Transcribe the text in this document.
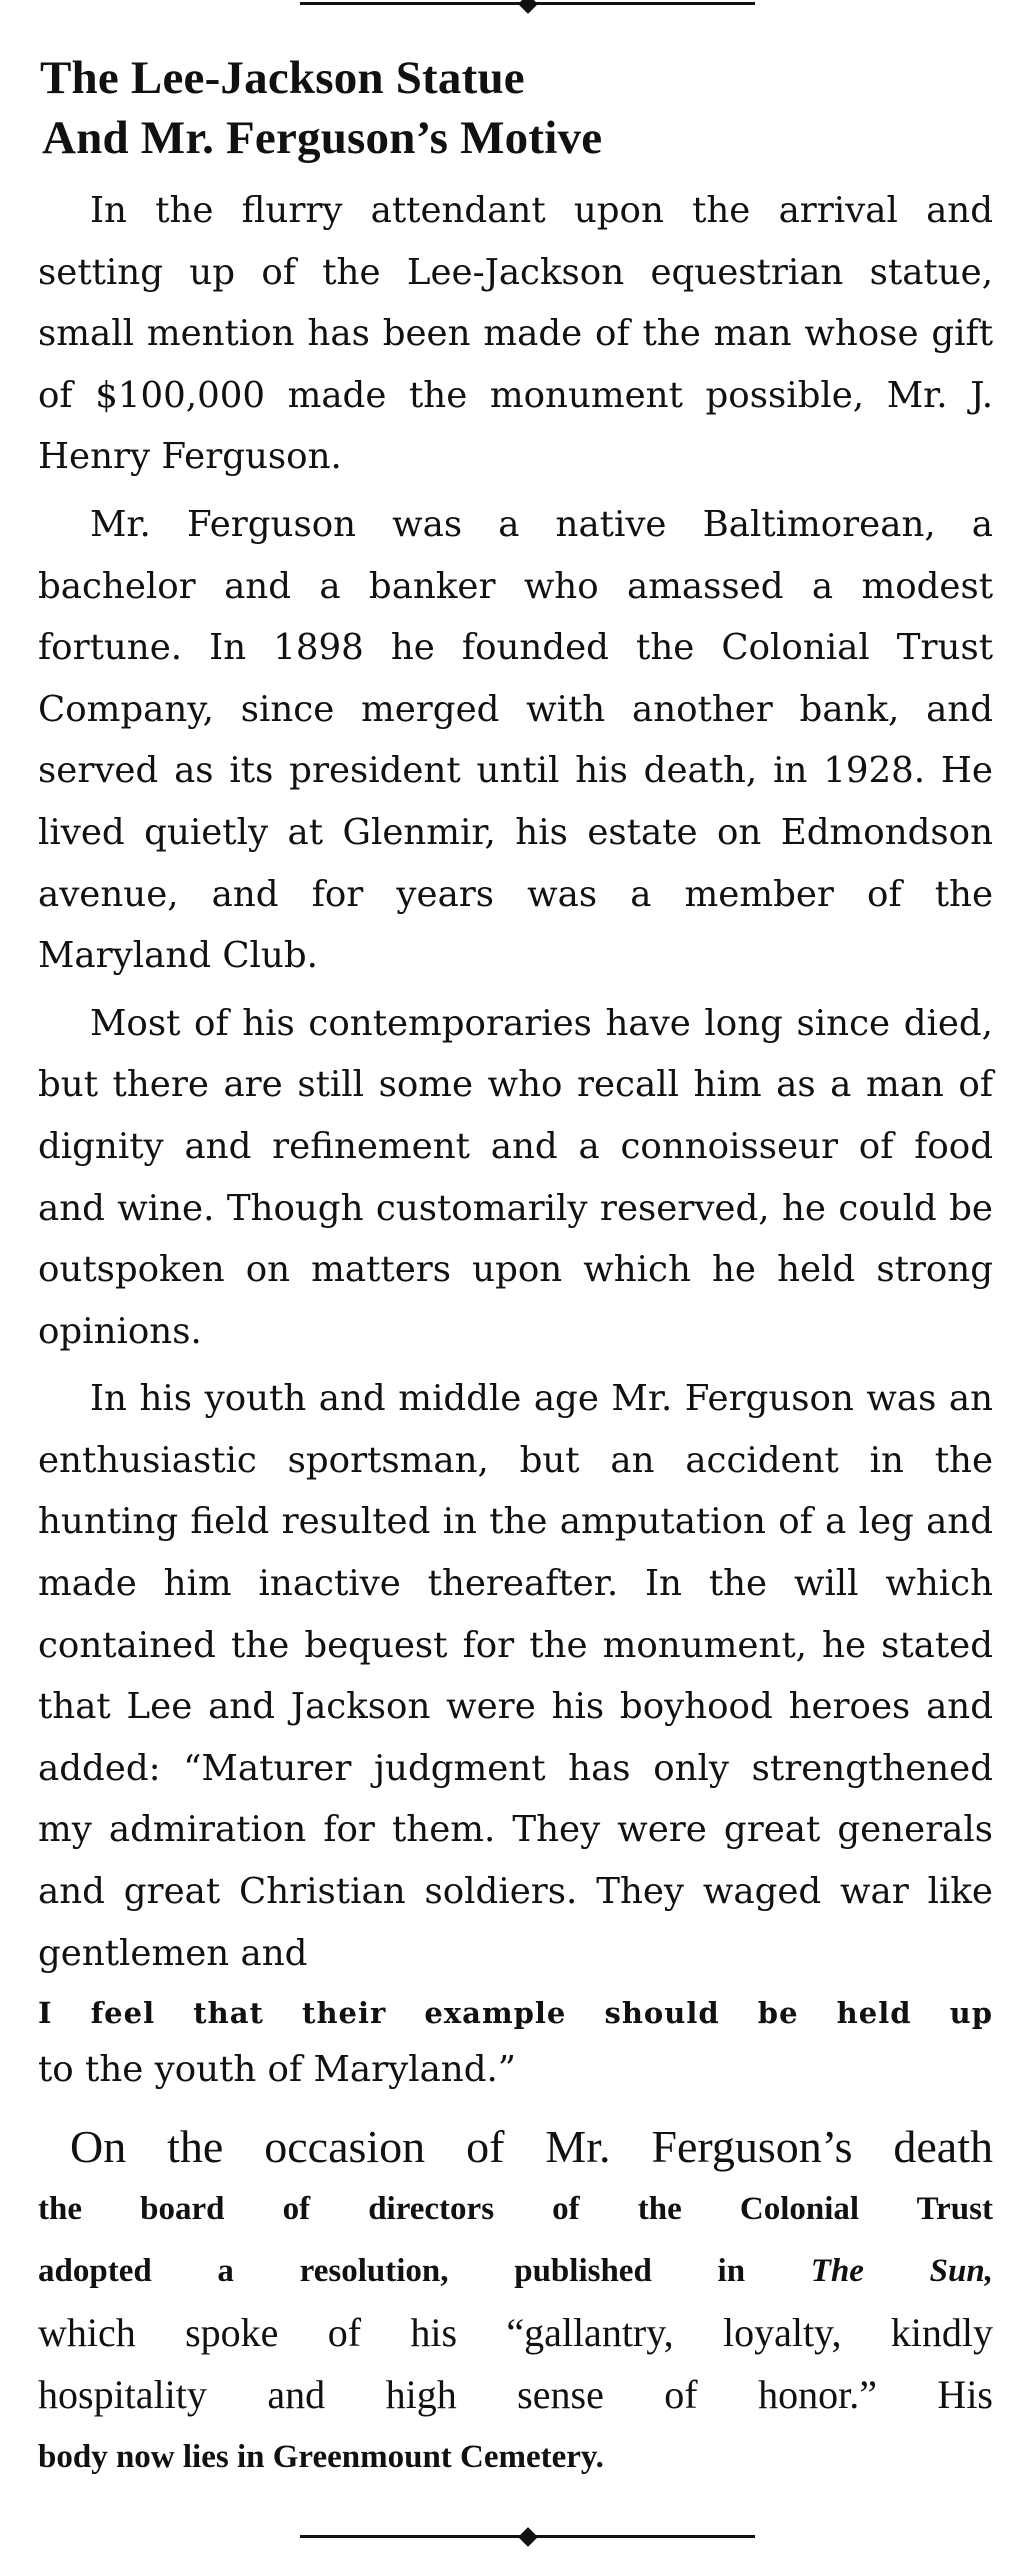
The Lee-Jackson Statue
And Mr. Ferguson’s Motive

In the flurry attendant upon the arrival and setting up of the Lee-Jackson equestrian statue, small mention has been made of the man whose gift of $100,000 made the monument possible, Mr. J. Henry Ferguson.

Mr. Ferguson was a native Baltimorean, a bachelor and a banker who amassed a modest fortune. In 1898 he founded the Colonial Trust Company, since merged with another bank, and served as its president until his death, in 1928. He lived quietly at Glenmir, his estate on Edmondson avenue, and for years was a member of the Maryland Club.

Most of his contemporaries have long since died, but there are still some who recall him as a man of dignity and refinement and a connoisseur of food and wine. Though customarily reserved, he could be outspoken on matters upon which he held strong opinions.

In his youth and middle age Mr. Ferguson was an enthusiastic sportsman, but an accident in the hunting field resulted in the amputation of a leg and made him inactive thereafter. In the will which contained the bequest for the monument, he stated that Lee and Jackson were his boyhood heroes and added: “Maturer judgment has only strengthened my admiration for them. They were great generals and great Christian soldiers. They waged war like gentlemen and

I feel that their example should be held up
to the youth of Maryland.”
On the occasion of Mr. Ferguson’s death
the board of directors of the Colonial Trust
adopted a resolution, published in The Sun,
which spoke of his “gallantry, loyalty, kindly
hospitality and high sense of honor.” His
body now lies in Greenmount Cemetery.
